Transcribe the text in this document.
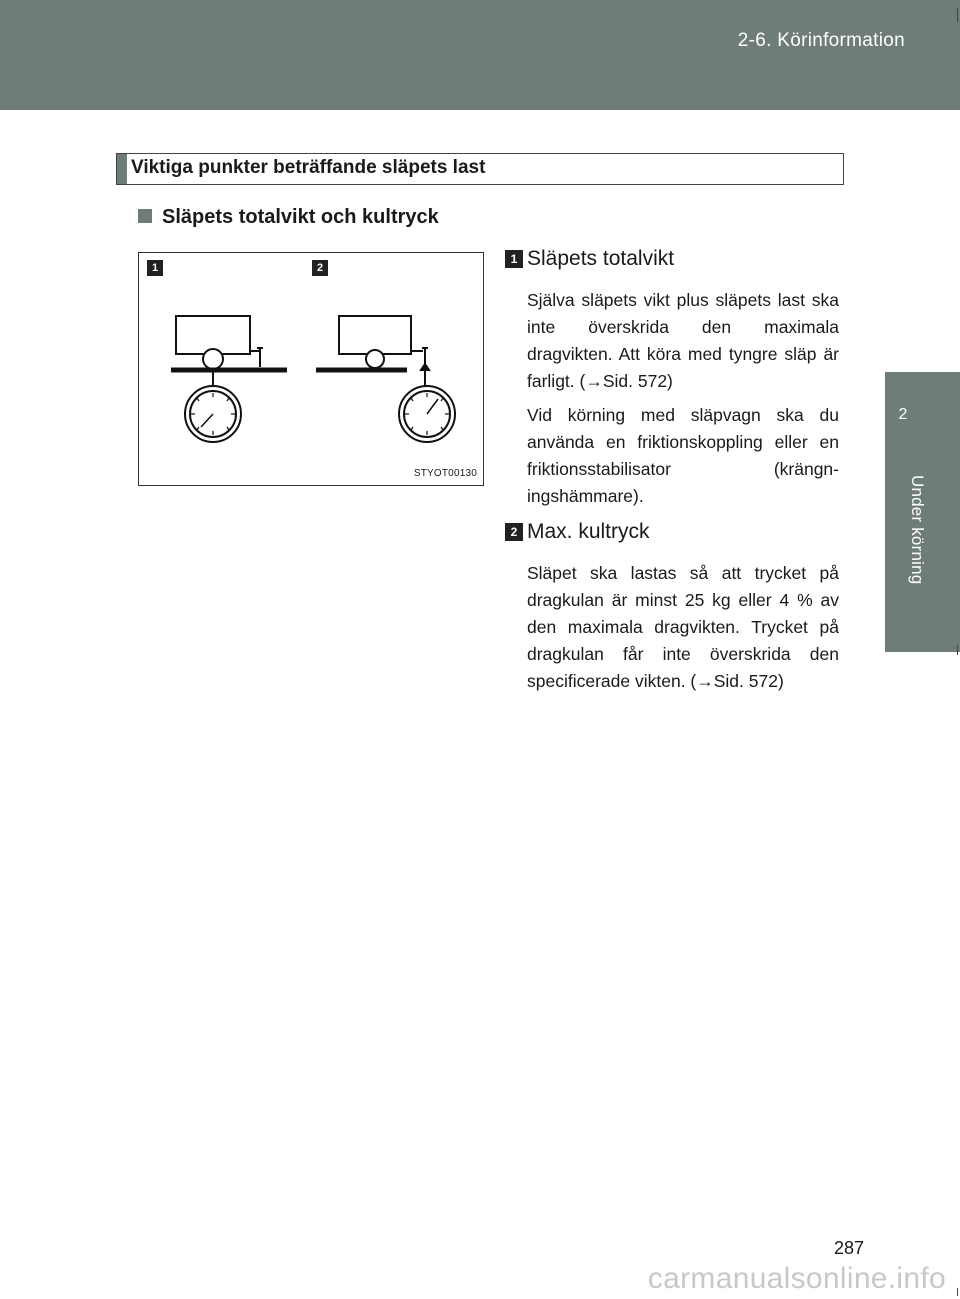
2-6. Körinformation
2
Under körning
Viktiga punkter beträffande släpets last
Släpets totalvikt och kultryck
1	2
STYOT00130
1 Släpets totalvikt
Själva släpets vikt plus släpets last ska inte överskrida den maximala dragvikten. Att köra med tyngre släp är farligt. (→Sid. 572)
Vid körning med släpvagn ska du använda en friktionskoppling eller en friktionsstabilisator (krängn-ingshämmare).
2 Max. kultryck
Släpet ska lastas så att trycket på dragkulan är minst 25 kg eller 4 % av den maximala dragvikten. Trycket på dragkulan får inte överskrida den specificerade vikten. (→Sid. 572)
287
carmanualsonline.info
